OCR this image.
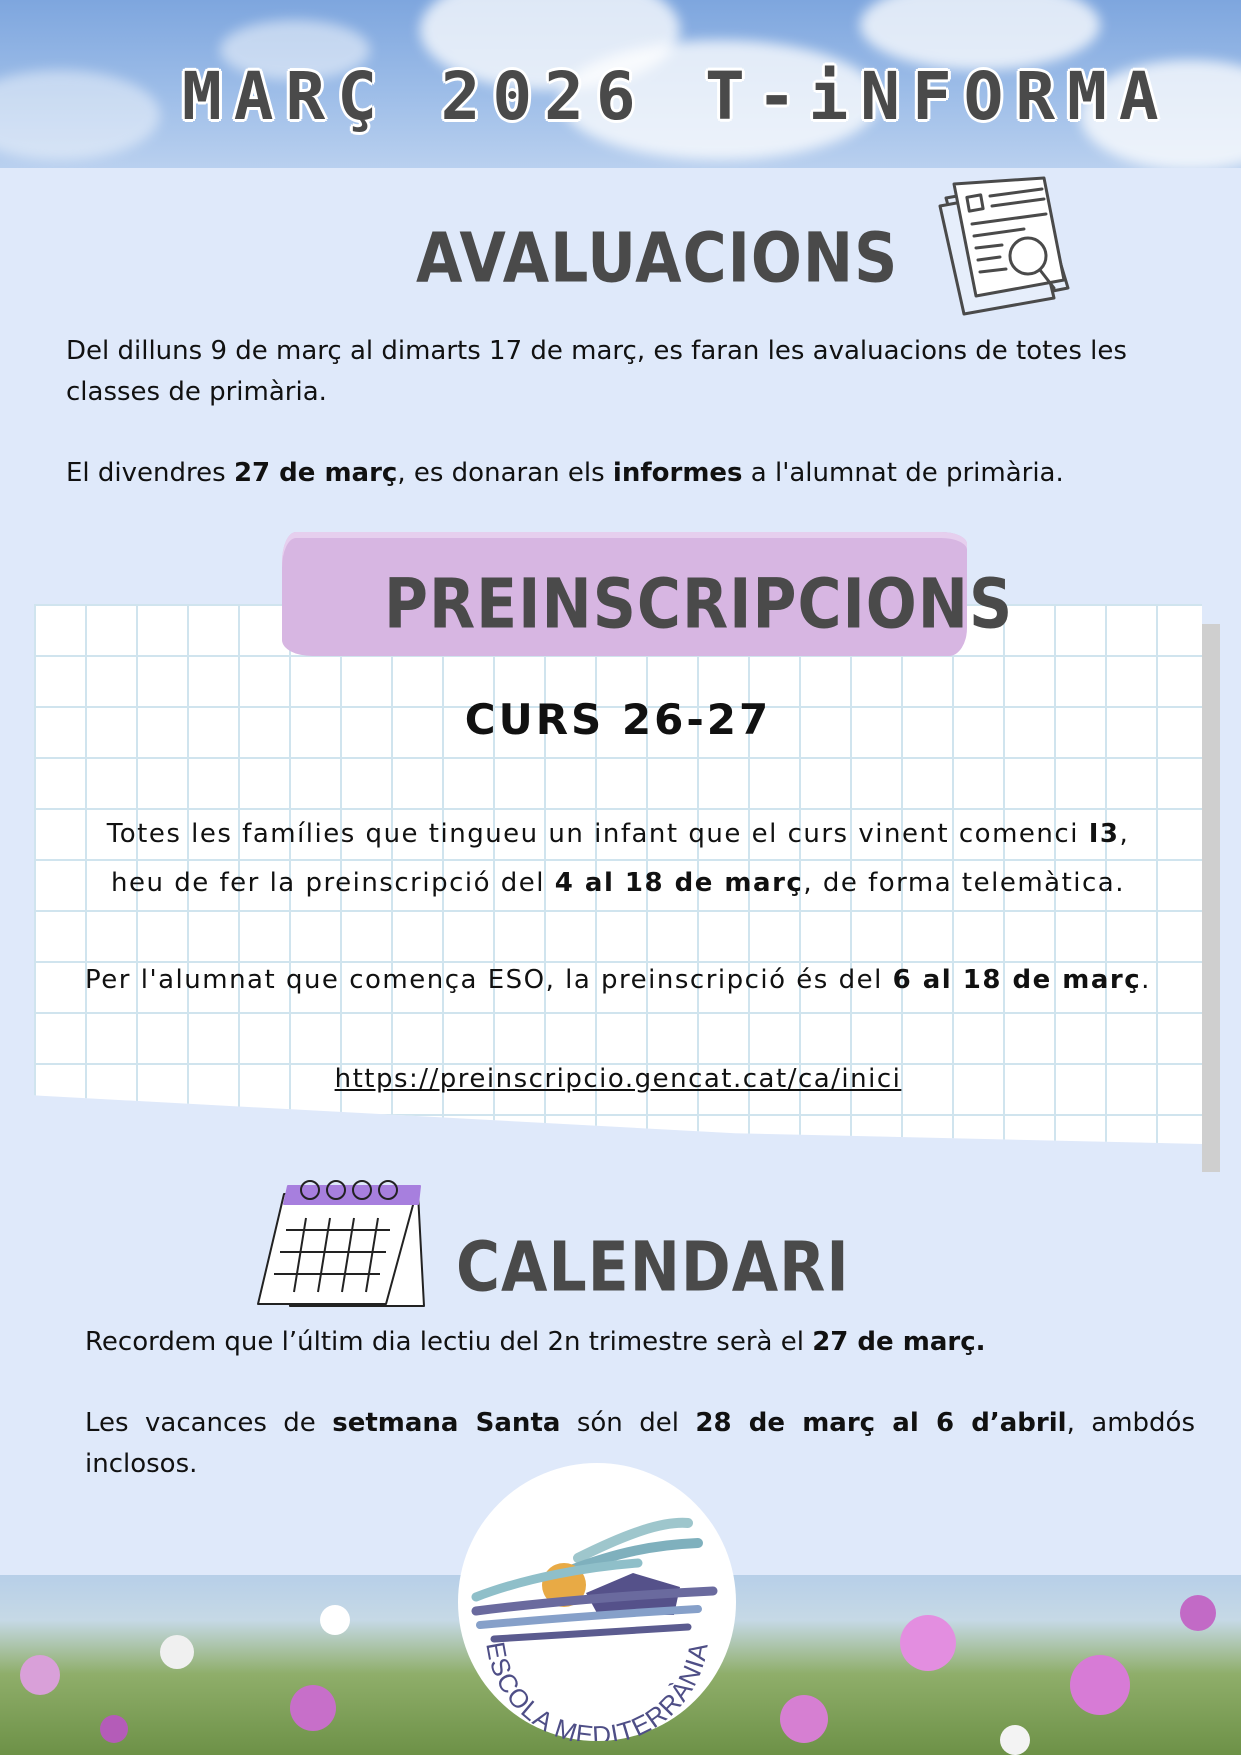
MARÇ 2026 T-iNFORMA
AVALUACIONS

Del dilluns 9 de març al dimarts 17 de març, es faran les avaluacions de totes les classes de primària.

El divendres 27 de març, es donaran els informes a l'alumnat de primària.

PREINSCRIPCIONS
CURS 26-27

Totes les famílies que tingueu un infant que el curs vinent comenci I3,
heu de fer la preinscripció del 4 al 18 de març, de forma telemàtica.

Per l'alumnat que comença ESO, la preinscripció és del 6 al 18 de març.

https://preinscripcio.gencat.cat/ca/inici
CALENDARI

Recordem que l’últim dia lectiu del 2n trimestre serà el 27 de març.

Les vacances de setmana Santa són del 28 de març al 6 d’abril, ambdós inclosos.

ESCOLA MEDITERRÀNIA
